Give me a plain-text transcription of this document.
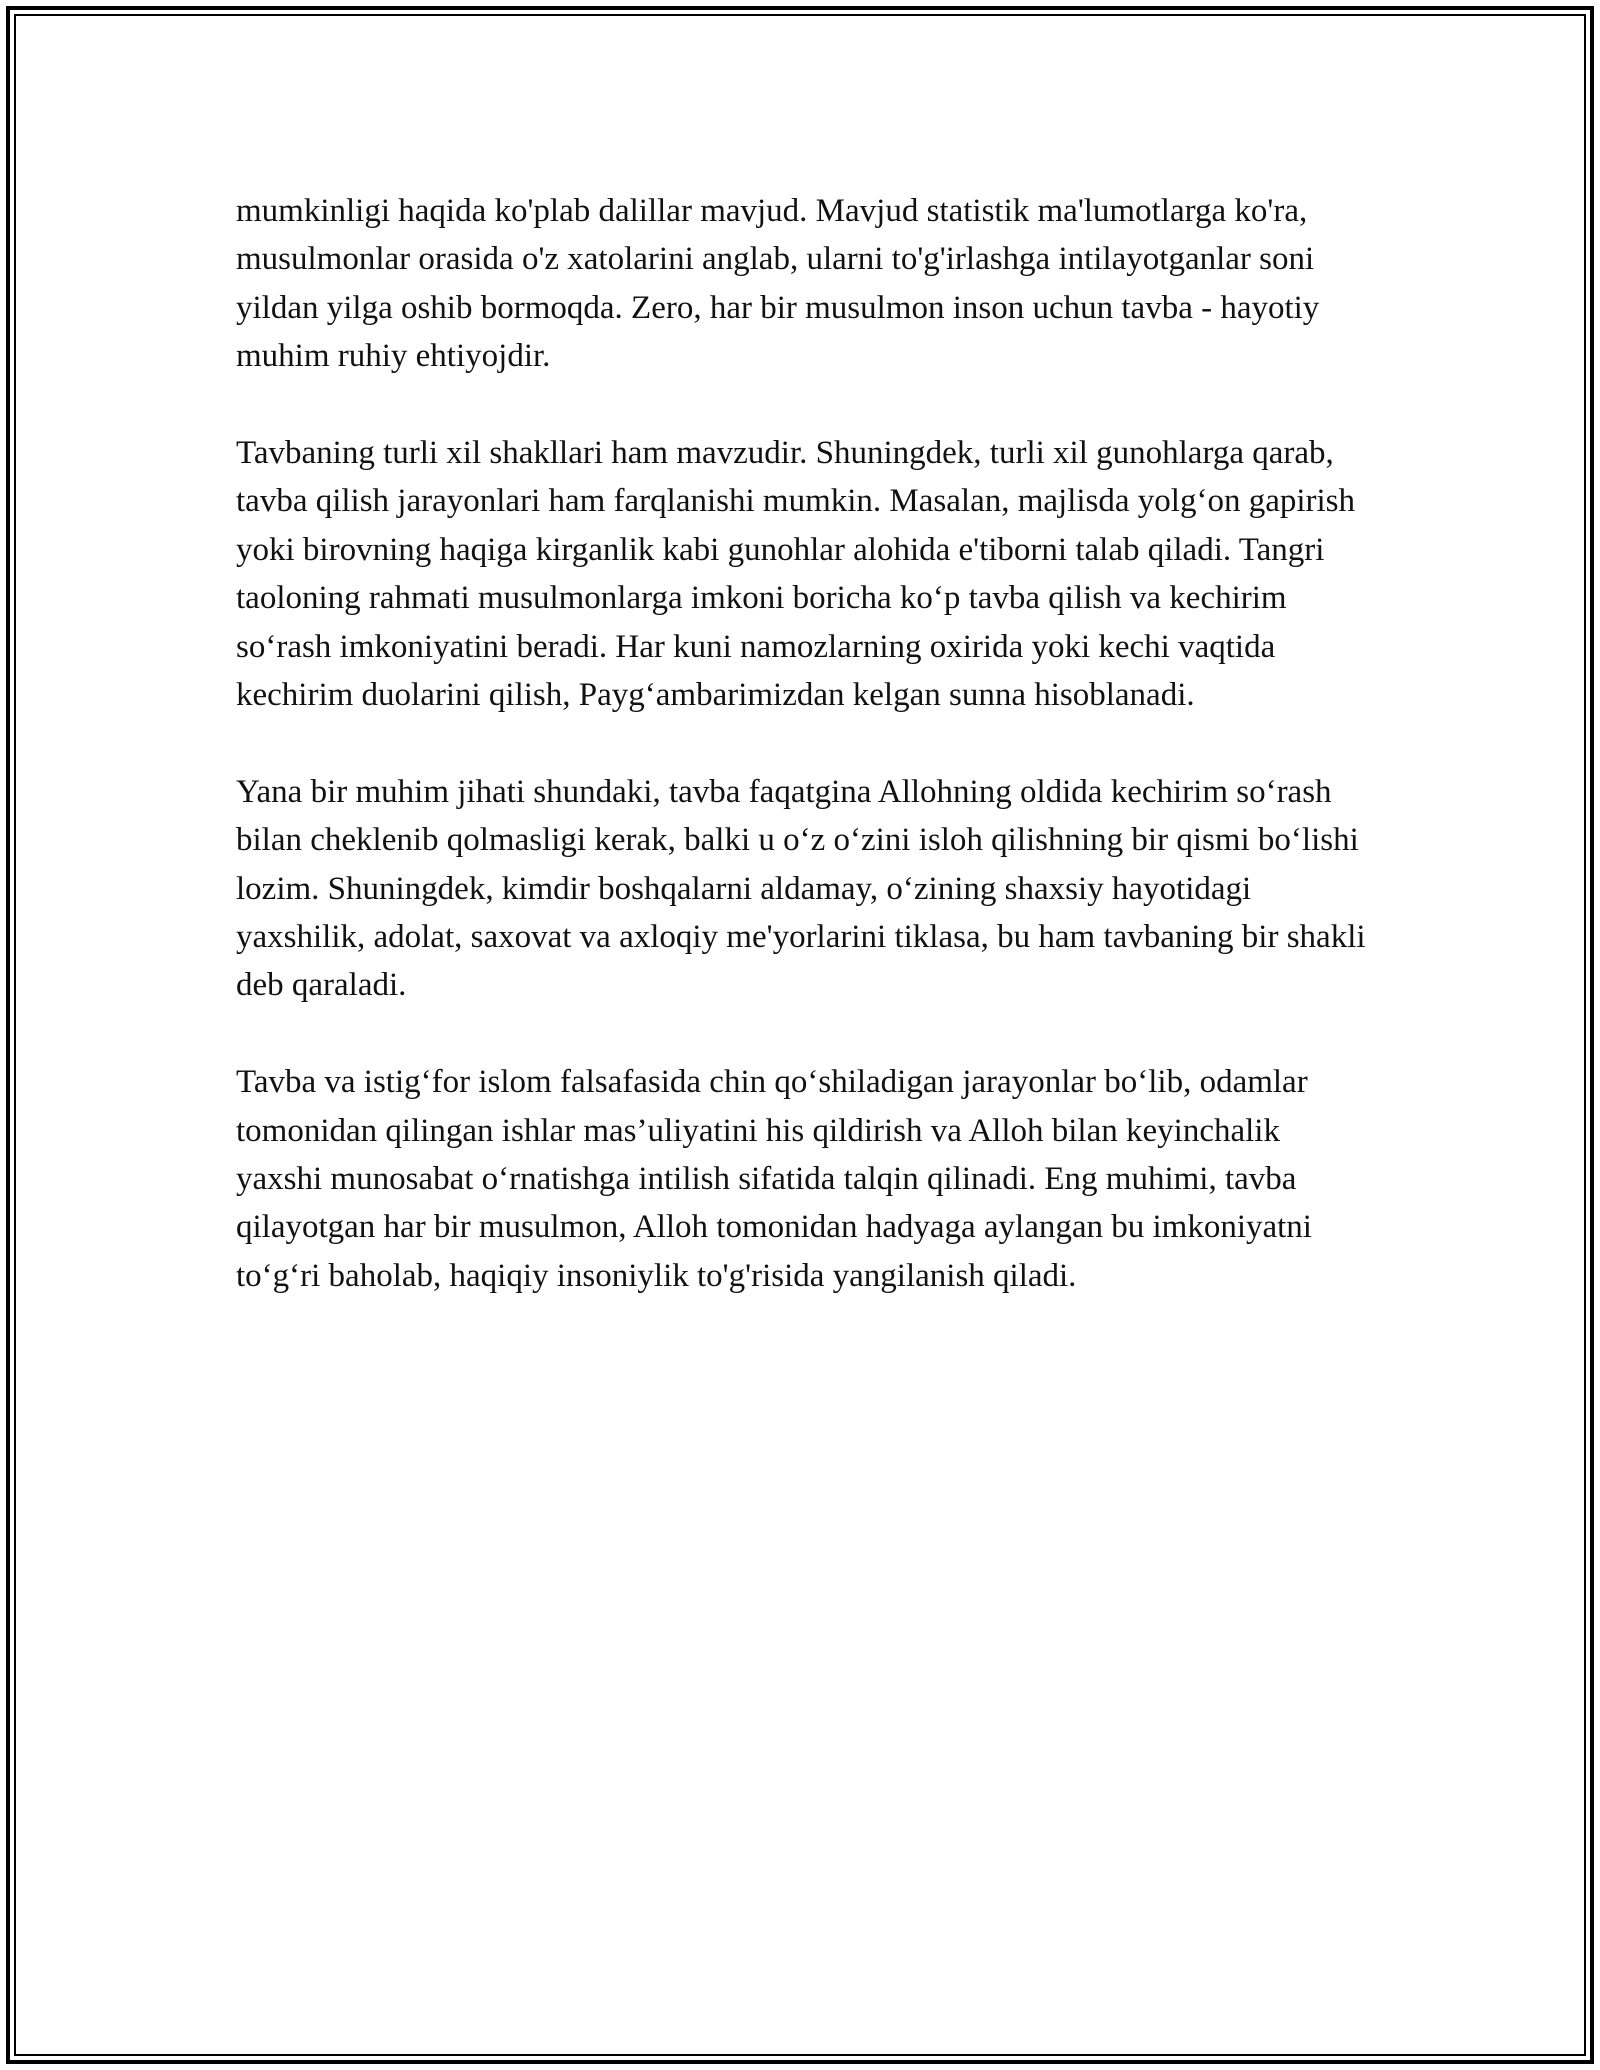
mumkinligi haqida ko'plab dalillar mavjud. Mavjud statistik ma'lumotlarga ko'ra, musulmonlar orasida o'z xatolarini anglab, ularni to'g'irlashga intilayotganlar soni yildan yilga oshib bormoqda. Zero, har bir musulmon inson uchun tavba - hayotiy muhim ruhiy ehtiyojdir.

Tavbaning turli xil shakllari ham mavzudir. Shuningdek, turli xil gunohlarga qarab, tavba qilish jarayonlari ham farqlanishi mumkin. Masalan, majlisda yolg‘on gapirish yoki birovning haqiga kirganlik kabi gunohlar alohida e'tiborni talab qiladi. Tangri taoloning rahmati musulmonlarga imkoni boricha ko‘p tavba qilish va kechirim so‘rash imkoniyatini beradi. Har kuni namozlarning oxirida yoki kechi vaqtida kechirim duolarini qilish, Payg‘ambarimizdan kelgan sunna hisoblanadi.

Yana bir muhim jihati shundaki, tavba faqatgina Allohning oldida kechirim so‘rash bilan cheklenib qolmasligi kerak, balki u o‘z o‘zini isloh qilishning bir qismi bo‘lishi lozim. Shuningdek, kimdir boshqalarni aldamay, o‘zining shaxsiy hayotidagi yaxshilik, adolat, saxovat va axloqiy me'yorlarini tiklasa, bu ham tavbaning bir shakli deb qaraladi.

Tavba va istig‘for islom falsafasida chin qo‘shiladigan jarayonlar bo‘lib, odamlar tomonidan qilingan ishlar mas’uliyatini his qildirish va Alloh bilan keyinchalik yaxshi munosabat o‘rnatishga intilish sifatida talqin qilinadi. Eng muhimi, tavba qilayotgan har bir musulmon, Alloh tomonidan hadyaga aylangan bu imkoniyatni to‘g‘ri baholab, haqiqiy insoniylik to'g'risida yangilanish qiladi.
